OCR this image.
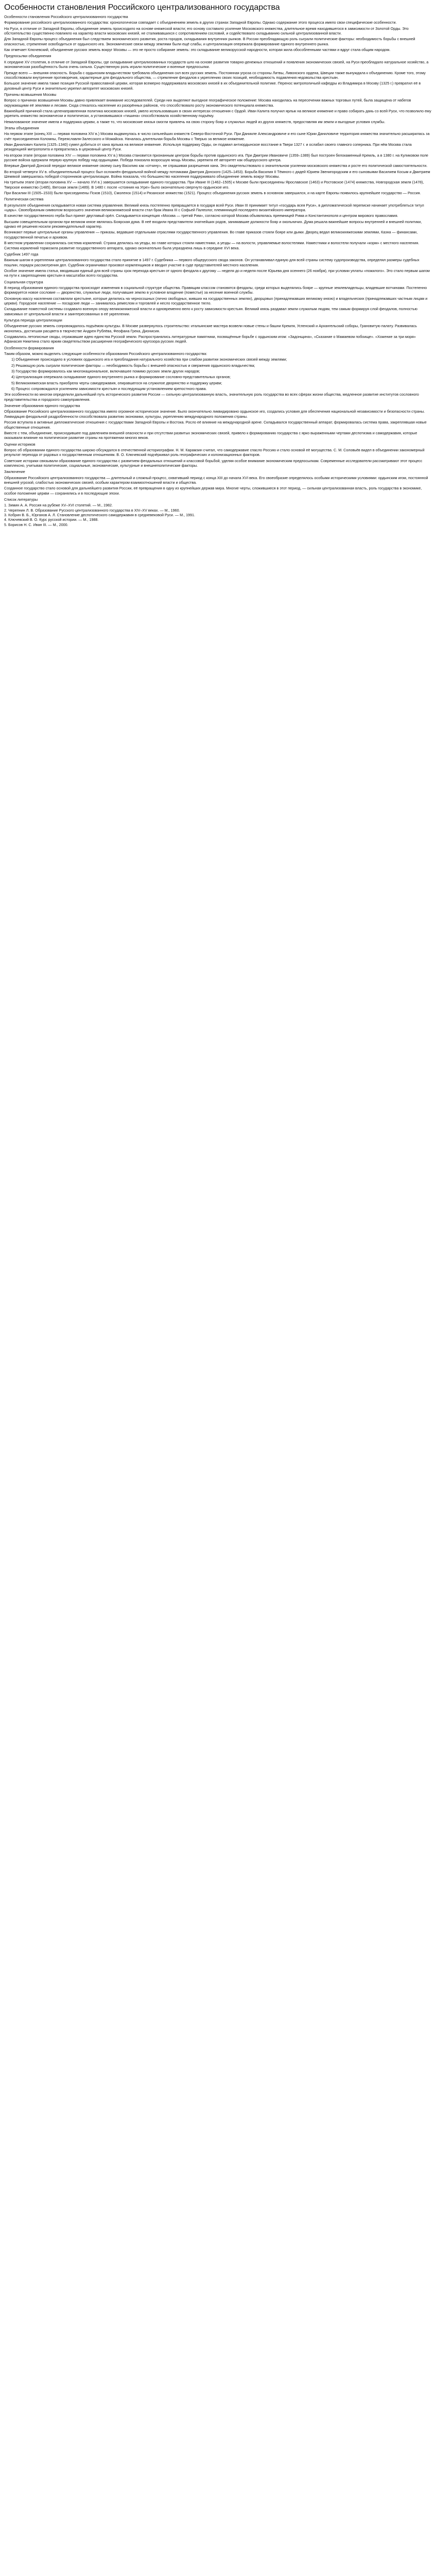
Особенности становления Российского централизованного государства

Особенности становления Российского централизованного государства

Формирование российского централизованного государства: хронологически совпадает с объединением земель в других странах Западной Европы. Однако содержание этого процесса имело свои специфические особенности.

На Руси, в отличие от Западной Европы, объединение земель происходило на основе княжеской власти; его основу составило усиление Московского княжества, длительное время находившегося в зависимости от Золотой Орды. Это обстоятельство существенно повлияло на характер власти московских князей, не сталкивавшихся с сопротивлением сословий, и содействовало складыванию сильной централизованной власти.

Для Западной Европы процесс объединения был следствием экономического развития, роста городов, складывания внутренних рынков. В России преобладающую роль сыграли политические факторы: необходимость борьбы с внешней опасностью, стремление освободиться от ордынского ига. Экономические связи между землями были ещё слабы, и централизация опережала формирование единого внутреннего рынка.

Как отмечает Ключевский, объединение русских земель вокруг Москвы — это не просто собирание земель: это складывание великорусской народности, которая жила обособленными частями и вдруг стала общим народом.

Предпосылки объединения

К середине XV столетия, в отличие от Западной Европы, где складывание централизованных государств шло на основе развития товарно-денежных отношений и появления экономических связей, на Руси преобладало натуральное хозяйство, а экономическая разобщённость была очень сильна. Существенную роль играли политические и военные предпосылки.

Прежде всего — внешняя опасность. Борьба с ордынским владычеством требовала объединения сил всех русских земель. Постоянная угроза со стороны Литвы, Ливонского ордена, Швеции также вынуждала к объединению. Кроме того, этому способствовали внутренние противоречия, характерные для феодального общества, — стремление феодалов к укреплению своих позиций, необходимость подавления недовольства крестьян.

Большое значение имела также позиция Русской православной церкви, которая всемерно поддерживала московских князей в их объединительной политике. Перенос митрополичьей кафедры из Владимира в Москву (1325 г.) превратил её в духовный центр Руси и значительно укрепил авторитет московских князей.

Причины возвышения Москвы

Вопрос о причинах возвышения Москвы давно привлекает внимание исследователей. Среди них выделяют выгодное географическое положение: Москва находилась на пересечении важных торговых путей, была защищена от набегов окружающими её землями и лесами. Сюда стекалось население из разорённых районов, что способствовало росту экономического потенциала княжества.

Важнейшей причиной стала целенаправленная политика московских князей, умело использовавших в своих интересах отношения с Ордой. Иван Калита получил ярлык на великое княжение и право собирать дань со всей Руси, что позволило ему укрепить княжество экономически и политически, а установившаяся «тишина» способствовала хозяйственному подъёму.

Немаловажное значение имела и поддержка церкви, а также то, что московские князья смогли привлечь на свою сторону бояр и служилых людей из других княжеств, предоставляя им земли и выгодные условия службы.

Этапы объединения

На первом этапе (конец XIII — первая половина XIV в.) Москва выдвинулась в число сильнейших княжеств Северо-Восточной Руси. При Данииле Александровиче и его сыне Юрии Даниловиче территория княжества значительно расширилась за счёт присоединения Коломны, Переяславля-Залесского и Можайска. Началась длительная борьба Москвы с Тверью за великое княжение.

Иван Данилович Калита (1325–1340) сумел добиться от хана ярлыка на великое княжение. Используя поддержку Орды, он подавил антиордынское восстание в Твери 1327 г. и ослабил своего главного соперника. При нём Москва стала резиденцией митрополита и превратилась в церковный центр Руси.

На втором этапе (вторая половина XIV — первая половина XV в.) Москва становится признанным центром борьбы против ордынского ига. При Дмитрии Ивановиче (1359–1389) был построен белокаменный Кремль, а в 1380 г. на Куликовом поле русские войска одержали первую крупную победу над ордынцами. Победа показала возросшую мощь Москвы, укрепила её авторитет как общерусского центра.

Впервые Дмитрий Донской передал великое княжение своему сыну Василию как «отчину», не спрашивая разрешения хана. Это свидетельствовало о значительном усилении московского княжества и росте его политической самостоятельности.

Во второй четверти XV в. объединительный процесс был осложнён феодальной войной между потомками Дмитрия Донского (1425–1453). Борьба Василия II Тёмного с дядей Юрием Звенигородским и его сыновьями Василием Косым и Дмитрием Шемякой завершилась победой сторонников централизации. Война показала, что большинство населения поддерживало объединение земель вокруг Москвы.

На третьем этапе (вторая половина XV — начало XVI в.) завершается складывание единого государства. При Иване III (1462–1505) к Москве были присоединены Ярославское (1463) и Ростовское (1474) княжества, Новгородская земля (1478), Тверское княжество (1485), Вятская земля (1489). В 1480 г. после «стояния на Угре» было окончательно свергнуто ордынское иго.

При Василии III (1505–1533) были присоединены Псков (1510), Смоленск (1514) и Рязанское княжество (1521). Процесс объединения русских земель в основном завершился, и на карте Европы появилось крупнейшее государство — Россия.

Политическая система

В результате объединения складывается новая система управления. Великий князь постепенно превращается в государя всей Руси. Иван III принимает титул «государь всея Руси», в дипломатической переписке начинает употребляться титул «царь». Своеобразным символом возросшего значения великокняжеской власти стал брак Ивана III с Софьей Палеолог, племянницей последнего византийского императора.

В качестве государственного герба был принят двуглавый орёл. Складывается концепция «Москва — третий Рим», согласно которой Москва объявлялась преемницей Рима и Константинополя и центром мирового православия.

Высшим совещательным органом при великом князе являлась Боярская дума. В неё входили представители знатнейших родов, занимавшие должности бояр и окольничих. Дума решала важнейшие вопросы внутренней и внешней политики, однако её решения носили рекомендательный характер.

Возникают первые центральные органы управления — приказы, ведавшие отдельными отраслями государственного управления. Во главе приказов стояли бояре или дьяки. Дворец ведал великокняжескими землями, Казна — финансами, государственной печатью и архивом.

В местном управлении сохранялась система кормлений. Страна делилась на уезды, во главе которых стояли наместники, а уезды — на волости, управляемые волостелями. Наместники и волостели получали «корм» с местного населения. Система кормлений тормозила развитие государственного аппарата, однако окончательно была упразднена лишь в середине XVI века.

Судебник 1497 года

Важным шагом в укреплении централизованного государства стало принятие в 1497 г. Судебника — первого общерусского свода законов. Он устанавливал единую для всей страны систему судопроизводства, определял размеры судебных пошлин, порядок рассмотрения дел. Судебник ограничивал произвол кормленщиков и вводил участие в суде представителей местного населения.

Особое значение имела статья, вводившая единый для всей страны срок перехода крестьян от одного феодала к другому — неделя до и неделя после Юрьева дня осеннего (26 ноября), при условии уплаты «пожилого». Это стало первым шагом на пути к закрепощению крестьян в масштабах всего государства.

Социальная структура

В период образования единого государства происходят изменения в социальной структуре общества. Правящим классом становятся феодалы, среди которых выделялись бояре — крупные землевладельцы, владевшие вотчинами. Постепенно формируется новое сословие — дворянство, служилые люди, получавшие землю в условное владение (поместье) за несение военной службы.

Основную массу населения составляли крестьяне, которые делились на черносошных (лично свободных, живших на государственных землях), дворцовых (принадлежавших великому князю) и владельческих (принадлежавших частным лицам и церкви). Городское население — посадские люди — занималось ремеслом и торговлей и несло государственное тягло.

Складывание поместной системы создавало военную опору великокняжеской власти и одновременно вело к росту зависимости крестьян. Великий князь раздавал земли служилым людям, тем самым формируя слой феодалов, полностью зависимых от центральной власти и заинтересованных в её укреплении.

Культура периода централизации

Объединение русских земель сопровождалось подъёмом культуры. В Москве развернулось строительство: итальянские мастера возвели новые стены и башни Кремля, Успенский и Архангельский соборы, Грановитую палату. Развивалась иконопись, достигшая расцвета в творчестве Андрея Рублёва, Феофана Грека, Дионисия.

Создавались летописные своды, отражавшие идею единства Русской земли. Распространялись литературные памятники, посвящённые борьбе с ордынским игом: «Задонщина», «Сказание о Мамаевом побоище». «Хожение за три моря» Афанасия Никитина стало ярким свидетельством расширения географического кругозора русских людей.

Особенности формирования

Таким образом, можно выделить следующие особенности образования Российского централизованного государства:

1) Объединение происходило в условиях ордынского ига и преобладания натурального хозяйства при слабом развитии экономических связей между землями;

2) Решающую роль сыграли политические факторы — необходимость борьбы с внешней опасностью и свержения ордынского владычества;

3) Государство формировалось как многонациональное, включавшее помимо русских земли других народов;

4) Централизация опережала складывание единого внутреннего рынка и формирование сословно-представительных органов;

5) Великокняжеская власть приобрела черты самодержавия, опиравшегося на служилое дворянство и поддержку церкви;

6) Процесс сопровождался усилением зависимости крестьян и последующим установлением крепостного права.

Эти особенности во многом определили дальнейший путь исторического развития России — сильную централизованную власть, значительную роль государства во всех сферах жизни общества, медленное развитие институтов сословного представительства и городского самоуправления.

Значение образования единого государства

Образование Российского централизованного государства имело огромное историческое значение. Было окончательно ликвидировано ордынское иго, создались условия для обеспечения национальной независимости и безопасности страны. Ликвидация феодальной раздробленности способствовала развитию экономики, культуры, укреплению международного положения страны.

Россия вступила в активные дипломатические отношения с государствами Западной Европы и Востока. Росло её влияние на международной арене. Складывался государственный аппарат, формировалась система права, закреплявшая новые общественные отношения.

Вместе с тем, объединение, происходившее под давлением внешней опасности и при отсутствии развитых экономических связей, привело к формированию государства с ярко выраженными чертами деспотизма и самодержавия, которые оказывали влияние на политическое развитие страны на протяжении многих веков.

Оценки историков

Вопрос об образовании единого государства широко обсуждался в отечественной историографии. Н. М. Карамзин считал, что самодержавие спасло Россию и стало основой её могущества. С. М. Соловьёв видел в объединении закономерный результат перехода от родовых к государственным отношениям. В. О. Ключевский подчёркивал роль географических и колонизационных факторов.

Советские историки связывали образование единого государства с развитием феодальных отношений и классовой борьбой, уделяя особое внимание экономическим предпосылкам. Современные исследователи рассматривают этот процесс комплексно, учитывая политические, социальные, экономические, культурные и внешнеполитические факторы.

Заключение

Образование Российского централизованного государства — длительный и сложный процесс, охвативший период с конца XIII до начала XVI века. Его своеобразие определялось особыми историческими условиями: ордынским игом, постоянной внешней угрозой, слабостью экономических связей, особым характером взаимоотношений власти и общества.

Созданное государство стало основой для дальнейшего развития России, её превращения в одну из крупнейших держав мира. Многие черты, сложившиеся в этот период, — сильная централизованная власть, роль государства в экономике, особое положение церкви — сохранялись и в последующие эпохи.

Список литературы

1. Зимин А. А. Россия на рубеже XV–XVI столетий. — М., 1982.

2. Черепнин Л. В. Образование Русского централизованного государства в XIV–XV веках. — М., 1960.

3. Кобрин В. Б., Юрганов А. Л. Становление деспотического самодержавия в средневековой Руси. — М., 1991.

4. Ключевский В. О. Курс русской истории. — М., 1988.

5. Борисов Н. С. Иван III. — М., 2000.
